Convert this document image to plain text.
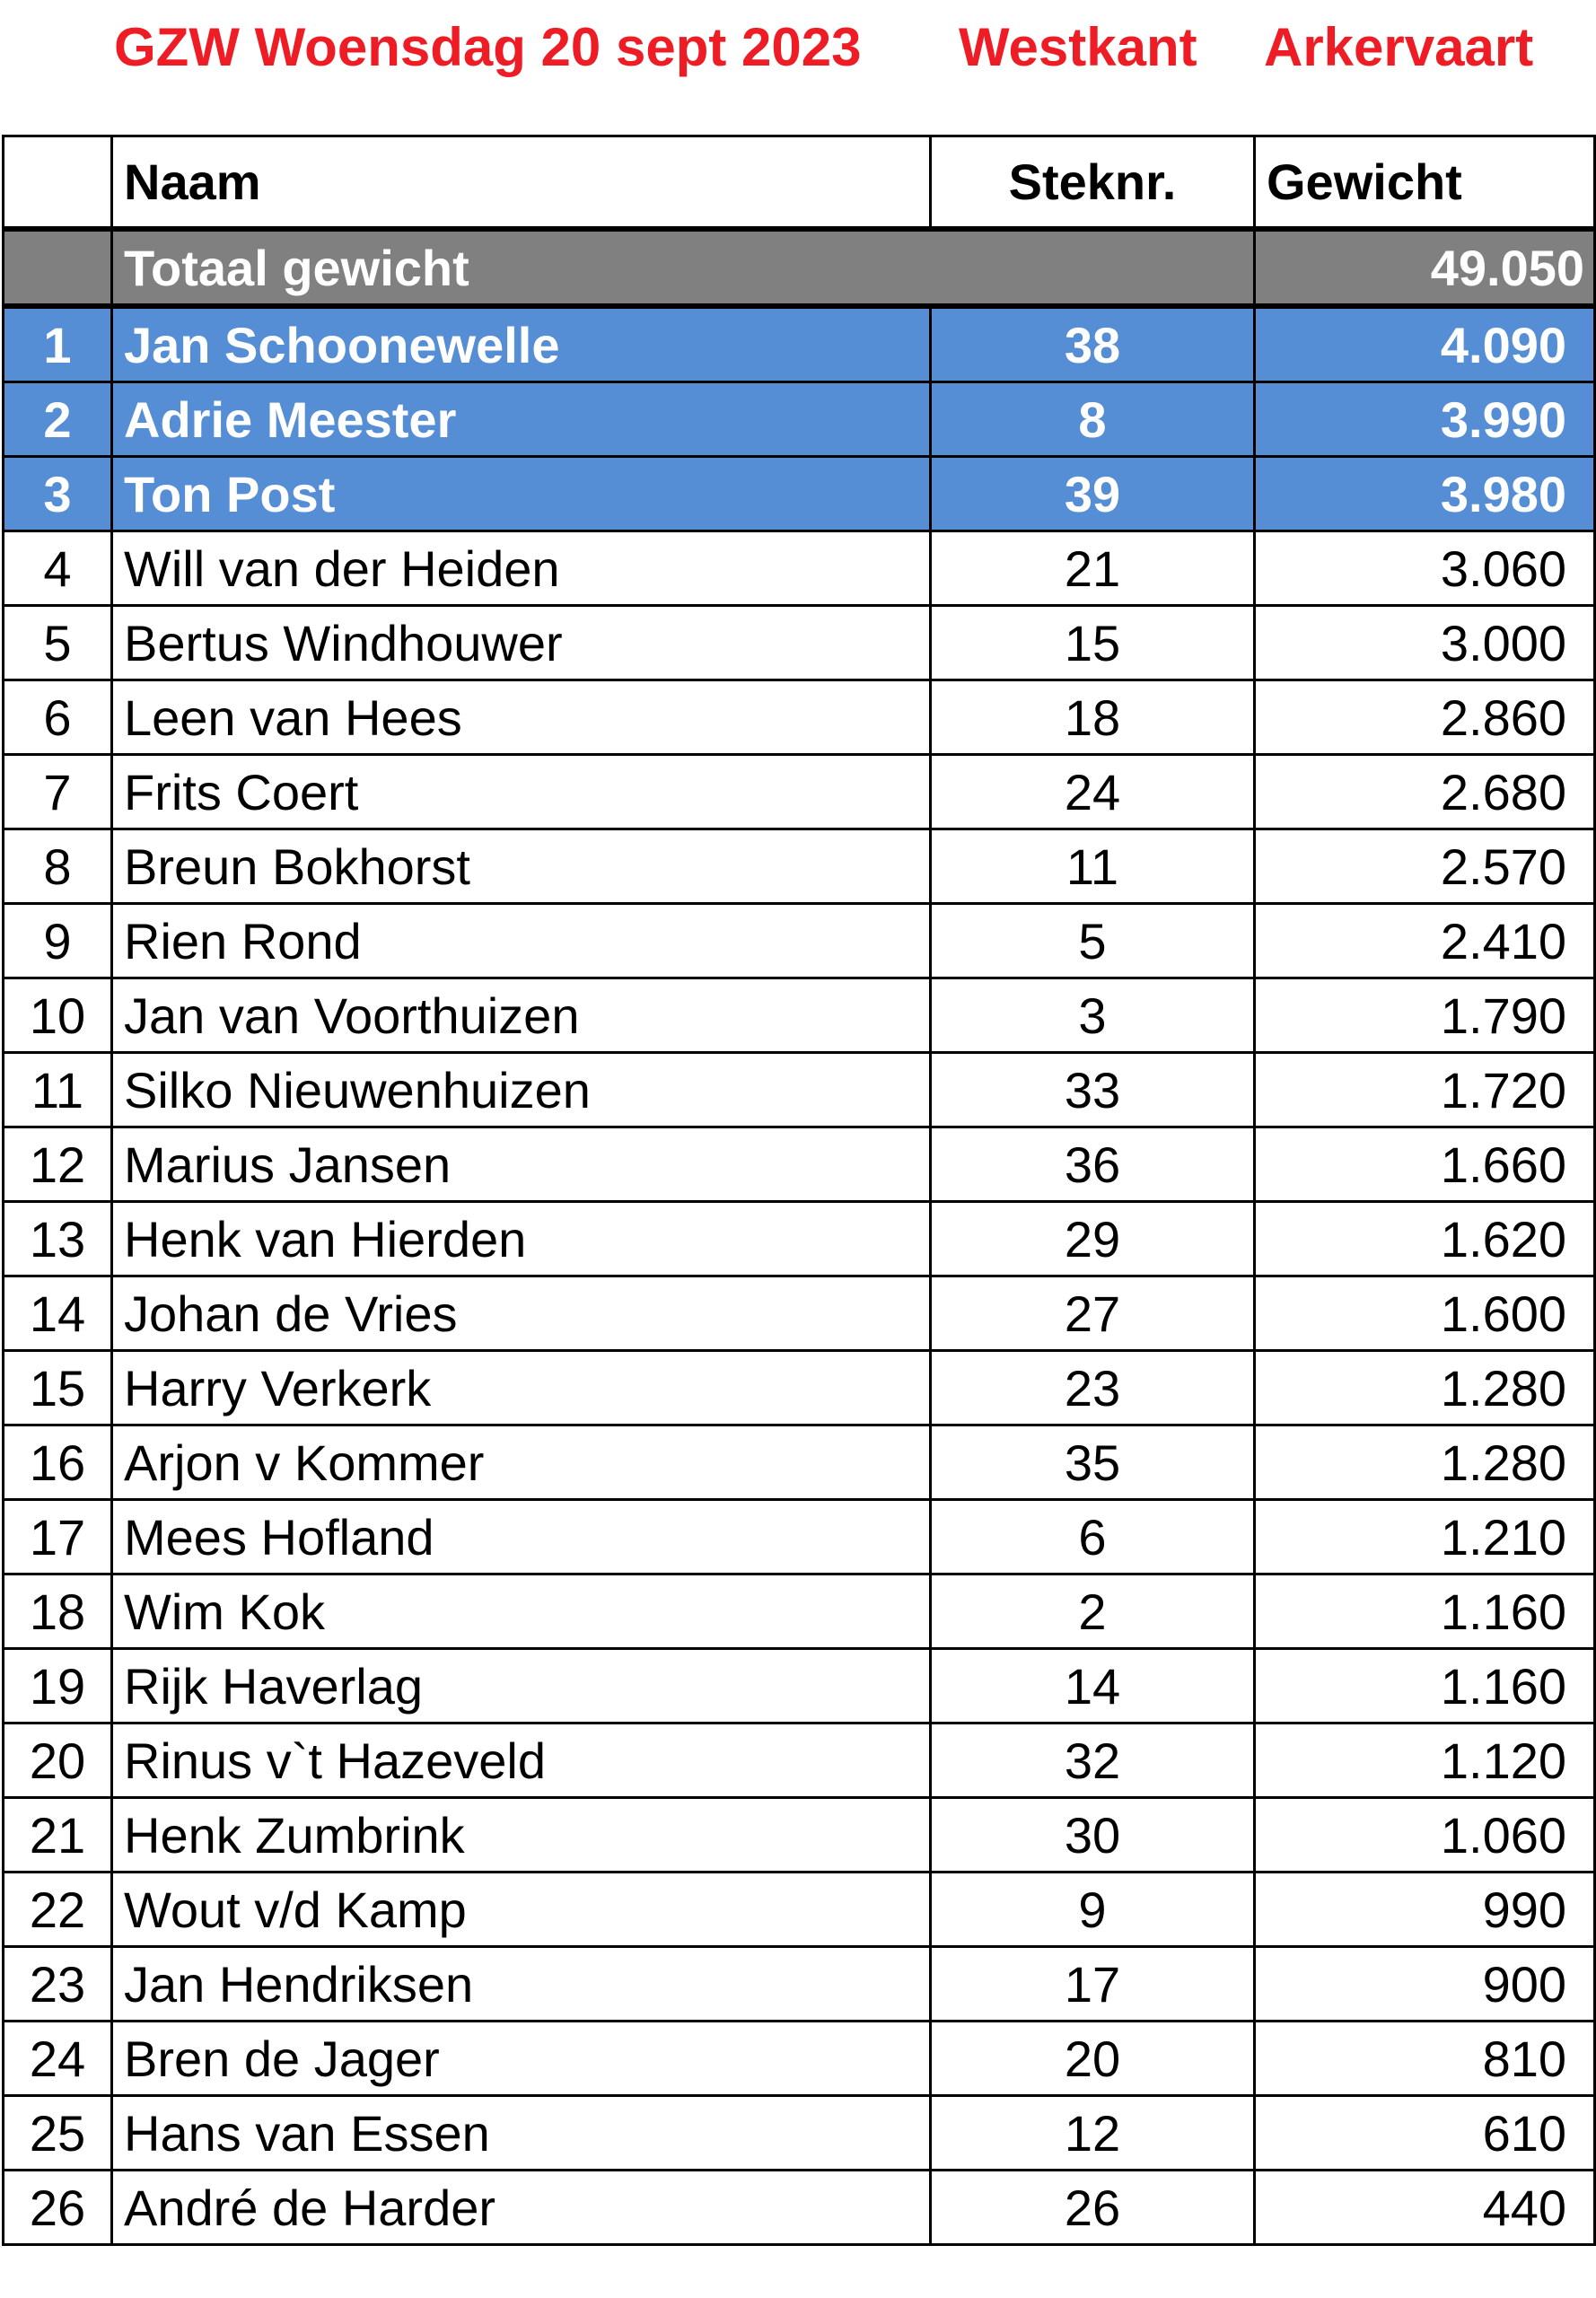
GZW Woensdag 20 sept 2023 Westkant Arkervaart
	Naam	Steknr.	Gewicht
	Totaal gewicht		49.050
1	Jan Schoonewelle	38	4.090
2	Adrie Meester	8	3.990
3	Ton Post	39	3.980
4	Will van der Heiden	21	3.060
5	Bertus Windhouwer	15	3.000
6	Leen van Hees	18	2.860
7	Frits Coert	24	2.680
8	Breun Bokhorst	11	2.570
9	Rien Rond	5	2.410
10	Jan van Voorthuizen	3	1.790
11	Silko Nieuwenhuizen	33	1.720
12	Marius Jansen	36	1.660
13	Henk van Hierden	29	1.620
14	Johan de Vries	27	1.600
15	Harry Verkerk	23	1.280
16	Arjon v Kommer	35	1.280
17	Mees Hofland	6	1.210
18	Wim Kok	2	1.160
19	Rijk Haverlag	14	1.160
20	Rinus v`t Hazeveld	32	1.120
21	Henk Zumbrink	30	1.060
22	Wout v/d Kamp	9	990
23	Jan Hendriksen	17	900
24	Bren de Jager	20	810
25	Hans van Essen	12	610
26	André de Harder	26	440
